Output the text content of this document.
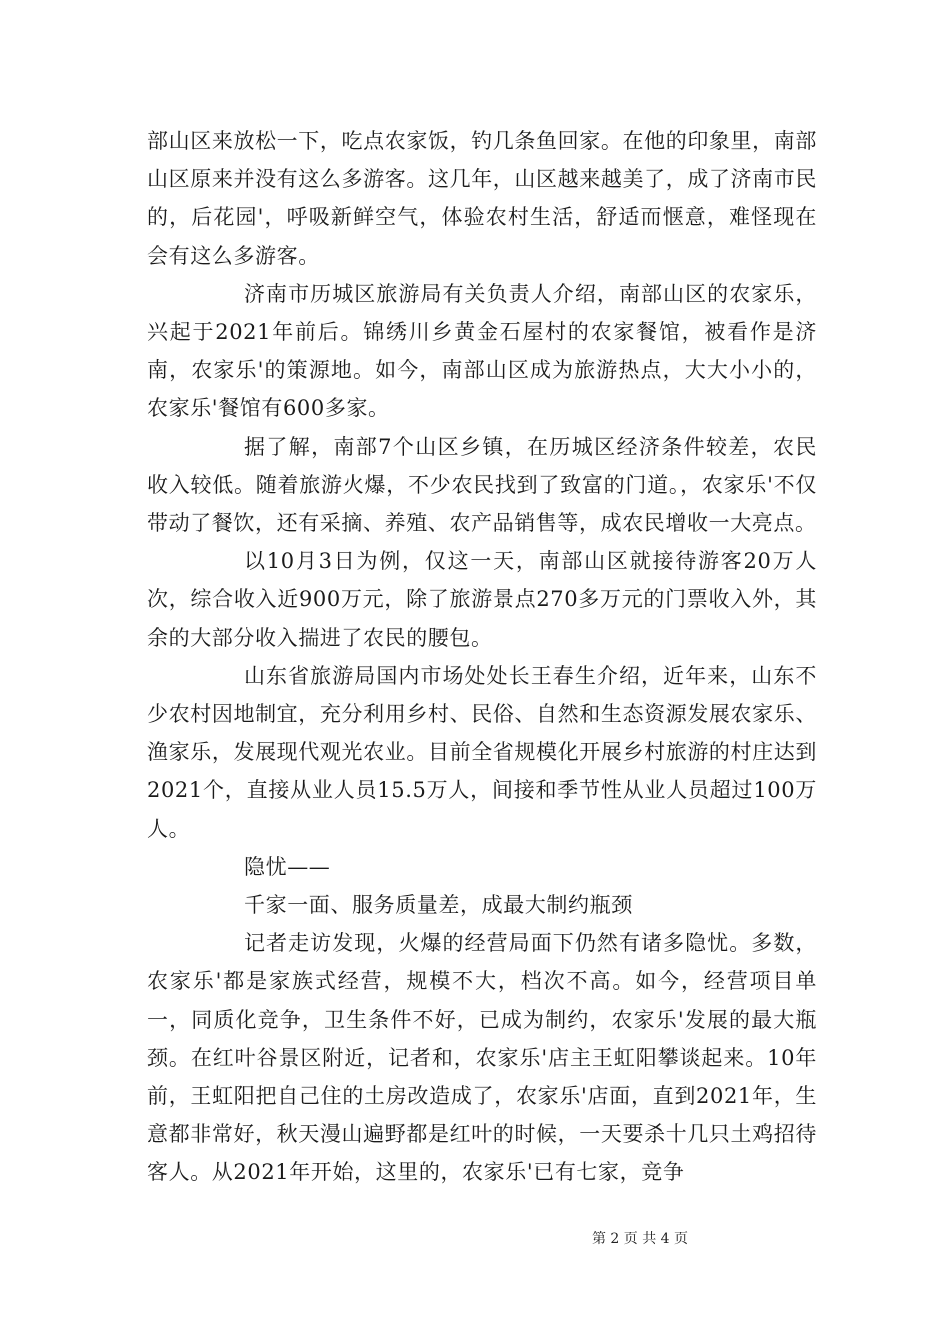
部山区来放松一下，吃点农家饭，钓几条鱼回家。在他的印象里，南部山区原来并没有这么多游客。这几年，山区越来越美了，成了济南市民的，后花园'，呼吸新鲜空气，体验农村生活，舒适而惬意，难怪现在会有这么多游客。

济南市历城区旅游局有关负责人介绍，南部山区的农家乐，兴起于2021年前后。锦绣川乡黄金石屋村的农家餐馆，被看作是济南，农家乐'的策源地。如今，南部山区成为旅游热点，大大小小的，农家乐'餐馆有600多家。

据了解，南部7个山区乡镇，在历城区经济条件较差，农民收入较低。随着旅游火爆，不少农民找到了致富的门道。，农家乐'不仅带动了餐饮，还有采摘、养殖、农产品销售等，成农民增收一大亮点。

以10月3日为例，仅这一天，南部山区就接待游客20万人次，综合收入近900万元，除了旅游景点270多万元的门票收入外，其余的大部分收入揣进了农民的腰包。

山东省旅游局国内市场处处长王春生介绍，近年来，山东不少农村因地制宜，充分利用乡村、民俗、自然和生态资源发展农家乐、渔家乐，发展现代观光农业。目前全省规模化开展乡村旅游的村庄达到2021个，直接从业人员15.5万人，间接和季节性从业人员超过100万人。

隐忧——

千家一面、服务质量差，成最大制约瓶颈

记者走访发现，火爆的经营局面下仍然有诸多隐忧。多数，农家乐'都是家族式经营，规模不大，档次不高。如今，经营项目单一，同质化竞争，卫生条件不好，已成为制约，农家乐'发展的最大瓶颈。在红叶谷景区附近，记者和，农家乐'店主王虹阳攀谈起来。10年前，王虹阳把自己住的土房改造成了，农家乐'店面，直到2021年，生意都非常好，秋天漫山遍野都是红叶的时候，一天要杀十几只土鸡招待客人。从2021年开始，这里的，农家乐'已有七家，竞争

第 2 页 共 4 页
